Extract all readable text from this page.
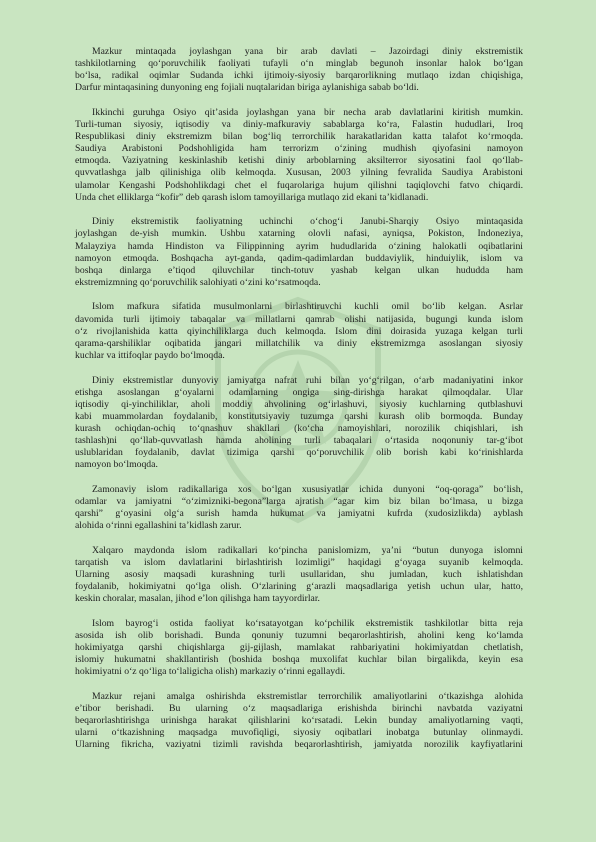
Mazkur mintaqada joylashgan yana bir arab davlati – Jazoirdagi diniy ekstremistik
tashkilotlarning qo‘poruvchilik faoliyati tufayli o‘n minglab begunoh insonlar halok bo‘lgan
bo‘lsa, radikal oqimlar Sudanda ichki ijtimoiy-siyosiy barqarorlikning mutlaqo izdan chiqishiga,
Darfur mintaqasining dunyoning eng fojiali nuqtalaridan biriga aylanishiga sabab bo‘ldi.
Ikkinchi guruhga Osiyo qit’asida joylashgan yana bir necha arab davlatlarini kiritish mumkin.
Turli-tuman siyosiy, iqtisodiy va diniy-mafkuraviy sabablarga ko‘ra, Falastin hududlari, Iroq
Respublikasi diniy ekstremizm bilan bog‘liq terrorchilik harakatlaridan katta talafot ko‘rmoqda.
Saudiya Arabistoni Podshohligida ham terrorizm o‘zining mudhish qiyofasini namoyon
etmoqda. Vaziyatning keskinlashib ketishi diniy arboblarning aksilterror siyosatini faol qo‘llab-
quvvatlashga jalb qilinishiga olib kelmoqda. Xususan, 2003 yilning fevralida Saudiya Arabistoni
ulamolar Kengashi Podshohlikdagi chet el fuqarolariga hujum qilishni taqiqlovchi fatvo chiqardi.
Unda chet elliklarga “kofir” deb qarash islom tamoyillariga mutlaqo zid ekani ta’kidlanadi.
Diniy ekstremistik faoliyatning uchinchi o‘chog‘i Janubi-Sharqiy Osiyo mintaqasida
joylashgan de-yish mumkin. Ushbu xatarning olovli nafasi, ayniqsa, Pokiston, Indoneziya,
Malayziya hamda Hindiston va Filippinning ayrim hududlarida o‘zining halokatli oqibatlarini
namoyon etmoqda. Boshqacha ayt-ganda, qadim-qadimlardan buddaviylik, hinduiylik, islom va
boshqa dinlarga e’tiqod qiluvchilar tinch-totuv yashab kelgan ulkan hududda ham
ekstremizmning qo‘poruvchilik salohiyati o‘zini ko‘rsatmoqda.
Islom mafkura sifatida musulmonlarni birlashtiruvchi kuchli omil bo‘lib kelgan. Asrlar
davomida turli ijtimoiy tabaqalar va millatlarni qamrab olishi natijasida, bugungi kunda islom
o‘z rivojlanishida katta qiyinchiliklarga duch kelmoqda. Islom dini doirasida yuzaga kelgan turli
qarama-qarshiliklar oqibatida jangari millatchilik va diniy ekstremizmga asoslangan siyosiy
kuchlar va ittifoqlar paydo bo‘lmoqda.
Diniy ekstremistlar dunyoviy jamiyatga nafrat ruhi bilan yo‘g‘rilgan, o‘arb madaniyatini inkor
etishga asoslangan g‘oyalarni odamlarning ongiga sing-dirishga harakat qilmoqdalar. Ular
iqtisodiy qi-yinchiliklar, aholi moddiy ahvolining og‘irlashuvi, siyosiy kuchlarning qutblashuvi
kabi muammolardan foydalanib, konstitutsiyaviy tuzumga qarshi kurash olib bormoqda. Bunday
kurash ochiqdan-ochiq to‘qnashuv shakllari (ko‘cha namoyishlari, norozilik chiqishlari, ish
tashlash)ni qo‘llab-quvvatlash hamda aholining turli tabaqalari o‘rtasida noqonuniy tar-g‘ibot
uslublaridan foydalanib, davlat tizimiga qarshi qo‘poruvchilik olib borish kabi ko‘rinishlarda
namoyon bo‘lmoqda.
Zamonaviy islom radikallariga xos bo‘lgan xususiyatlar ichida dunyoni “oq-qoraga” bo‘lish,
odamlar va jamiyatni “o‘zimizniki-begona”larga ajratish “agar kim biz bilan bo‘lmasa, u bizga
qarshi” g‘oyasini olg‘a surish hamda hukumat va jamiyatni kufrda (xudosizlikda) ayblash
alohida o‘rinni egallashini ta’kidlash zarur.
Xalqaro maydonda islom radikallari ko‘pincha panislomizm, ya’ni “butun dunyoga islomni
tarqatish va islom davlatlarini birlashtirish lozimligi” haqidagi g‘oyaga suyanib kelmoqda.
Ularning asosiy maqsadi kurashning turli usullaridan, shu jumladan, kuch ishlatishdan
foydalanib, hokimiyatni qo‘lga olish. O‘zlarining g‘arazli maqsadlariga yetish uchun ular, hatto,
keskin choralar, masalan, jihod e’lon qilishga ham tayyordirlar.
Islom bayrog‘i ostida faoliyat ko‘rsatayotgan ko‘pchilik ekstremistik tashkilotlar bitta reja
asosida ish olib borishadi. Bunda qonuniy tuzumni beqarorlashtirish, aholini keng ko‘lamda
hokimiyatga qarshi chiqishlarga gij-gijlash, mamlakat rahbariyatini hokimiyatdan chetlatish,
islomiy hukumatni shakllantirish (boshida boshqa muxolifat kuchlar bilan birgalikda, keyin esa
hokimiyatni o‘z qo‘liga to‘laligicha olish) markaziy o‘rinni egallaydi.
Mazkur rejani amalga oshirishda ekstremistlar terrorchilik amaliyotlarini o‘tkazishga alohida
e’tibor berishadi. Bu ularning o‘z maqsadlariga erishishda birinchi navbatda vaziyatni
beqarorlashtirishga urinishga harakat qilishlarini ko‘rsatadi. Lekin bunday amaliyotlarning vaqti,
ularni o‘tkazishning maqsadga muvofiqligi, siyosiy oqibatlari inobatga butunlay olinmaydi.
Ularning fikricha, vaziyatni tizimli ravishda beqarorlashtirish, jamiyatda norozilik kayfiyatlarini
